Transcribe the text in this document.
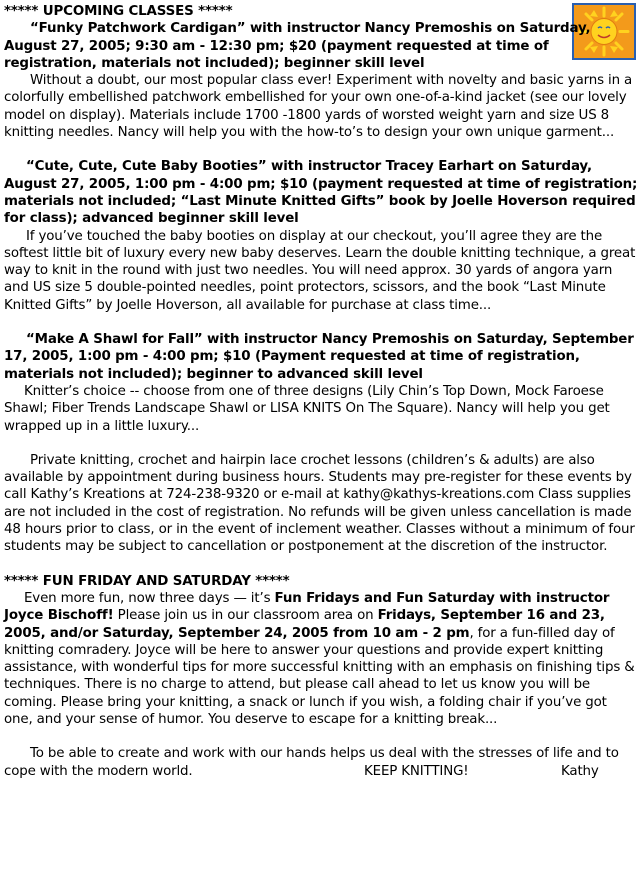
***** UPCOMING CLASSES *****

“Funky Patchwork Cardigan” with instructor Nancy Premoshis on Saturday, August 27, 2005; 9:30 am - 12:30 pm; $20 (payment requested at time of registration, materials not included); beginner skill level

Without a doubt, our most popular class ever! Experiment with novelty and basic yarns in a colorfully embellished patchwork embellished for your own one-of-a-kind jacket (see our lovely model on display). Materials include 1700 -1800 yards of worsted weight yarn and size US 8 knitting needles. Nancy will help you with the how-to’s to design your own unique garment...

“Cute, Cute, Cute Baby Booties” with instructor Tracey Earhart on Saturday, August 27, 2005, 1:00 pm - 4:00 pm; $10 (payment requested at time of registration; materials not included; “Last Minute Knitted Gifts” book by Joelle Hoverson required for class); advanced beginner skill level

If you’ve touched the baby booties on display at our checkout, you’ll agree they are the softest little bit of luxury every new baby deserves. Learn the double knitting technique, a great way to knit in the round with just two needles. You will need approx. 30 yards of angora yarn and US size 5 double-pointed needles, point protectors, scissors, and the book “Last Minute Knitted Gifts” by Joelle Hoverson, all available for purchase at class time...

“Make A Shawl for Fall” with instructor Nancy Premoshis on Saturday, September 17, 2005, 1:00 pm - 4:00 pm; $10 (Payment requested at time of registration, materials not included); beginner to advanced skill level

Knitter’s choice -- choose from one of three designs (Lily Chin’s Top Down, Mock Faroese Shawl; Fiber Trends Landscape Shawl or LISA KNITS On The Square). Nancy will help you get wrapped up in a little luxury...

Private knitting, crochet and hairpin lace crochet lessons (children’s & adults) are also available by appointment during business hours. Students may pre-register for these events by call Kathy’s Kreations at 724-238-9320 or e-mail at kathy@kathys-kreations.com Class supplies are not included in the cost of registration. No refunds will be given unless cancellation is made 48 hours prior to class, or in the event of inclement weather. Classes without a minimum of four students may be subject to cancellation or postponement at the discretion of the instructor.

***** FUN FRIDAY AND SATURDAY *****

Even more fun, now three days — it’s Fun Fridays and Fun Saturday with instructor Joyce Bischoff! Please join us in our classroom area on Fridays, September 16 and 23, 2005, and/or Saturday, September 24, 2005 from 10 am - 2 pm, for a fun-filled day of knitting comradery. Joyce will be here to answer your questions and provide expert knitting assistance, with wonderful tips for more successful knitting with an emphasis on finishing tips & techniques. There is no charge to attend, but please call ahead to let us know you will be coming. Please bring your knitting, a snack or lunch if you wish, a folding chair if you’ve got one, and your sense of humor. You deserve to escape for a knitting break...

To be able to create and work with our hands helps us deal with the stresses of life and to cope with the modern world.	KEEP KNITTING!	Kathy
